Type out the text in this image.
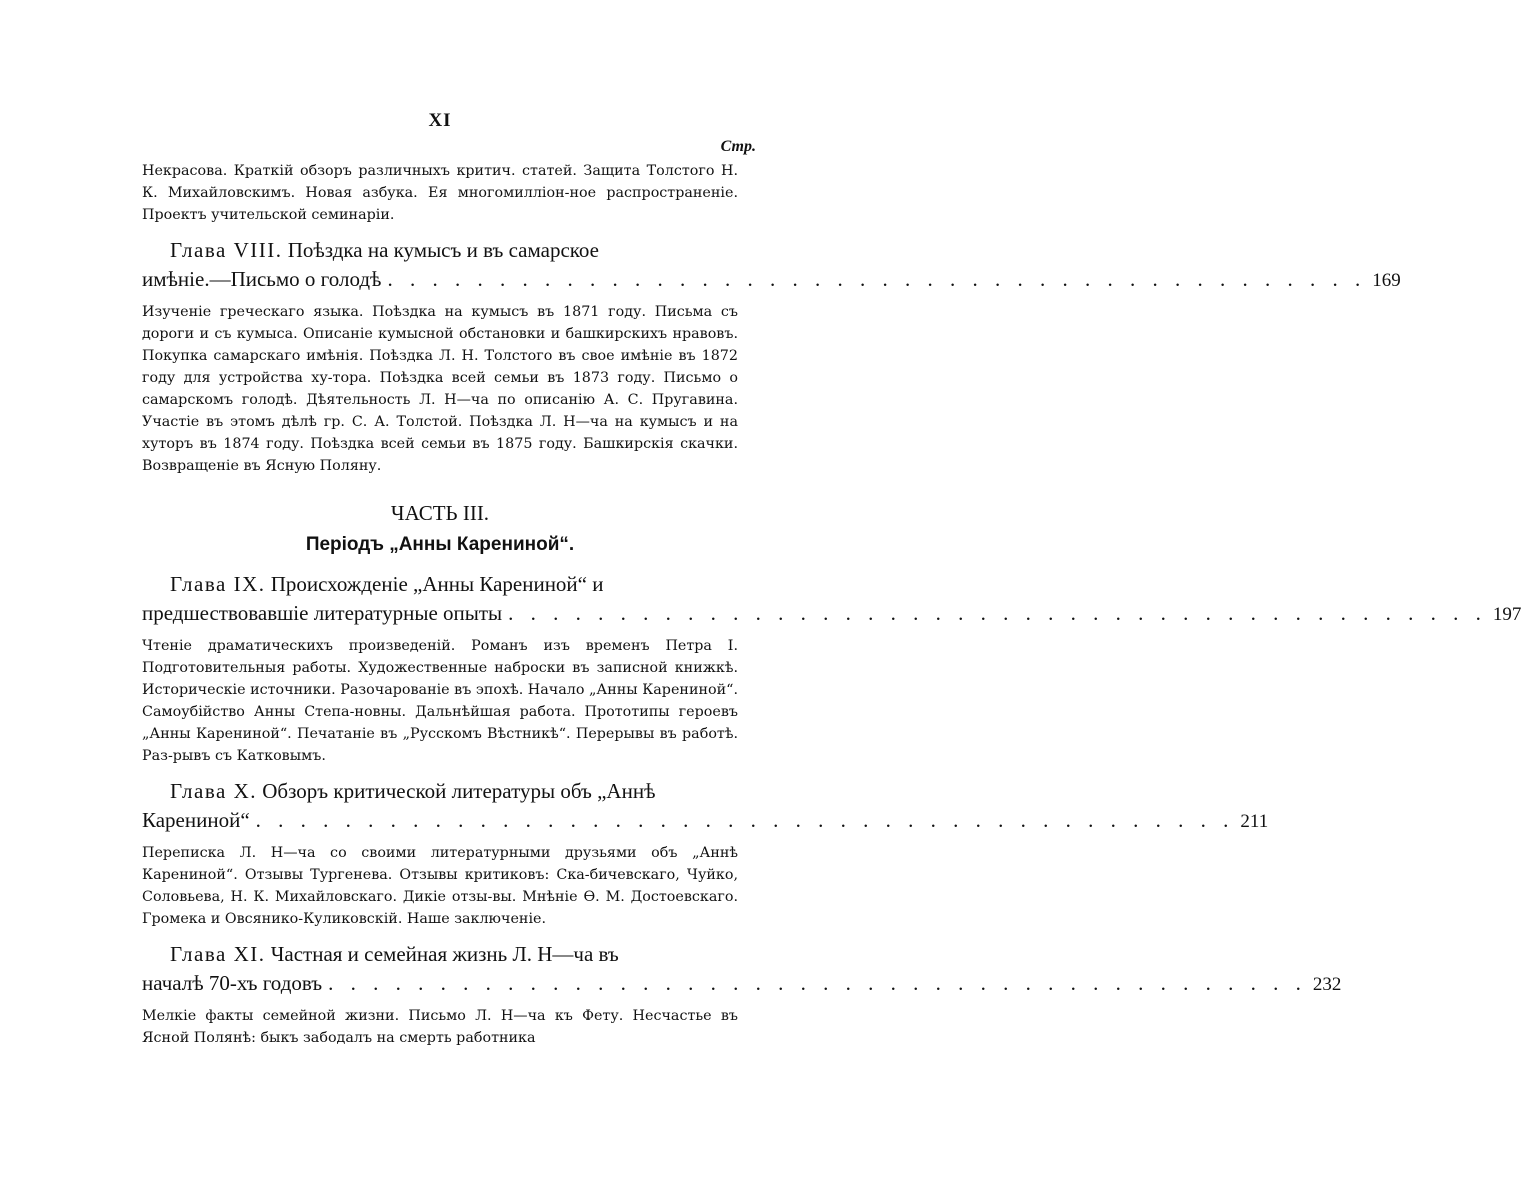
XI
Стр.

Некрасова. Краткій обзоръ различныхъ критич. статей. Защита Толстого Н. К. Михайловскимъ. Новая азбука. Ея многомилліон-ное распространеніе. Проектъ учительской семинаріи.

Глава VIII. Поѣздка на кумысъ и въ самарское
имѣніе.—Письмо о голодѣ . . . . . . . . . . . . . . . . . . . . . . . . . . . . . . . . . . . . . . . . . . . . 169

Изученіе греческаго языка. Поѣздка на кумысъ въ 1871 году. Письма съ дороги и съ кумыса. Описаніе кумысной обстановки и башкирскихъ нравовъ. Покупка самарскаго имѣнія. Поѣздка Л. Н. Толстого въ свое имѣніе въ 1872 году для устройства ху-тора. Поѣздка всей семьи въ 1873 году. Письмо о самарскомъ голодѣ. Дѣятельность Л. Н—ча по описанію А. С. Пругавина. Участіе въ этомъ дѣлѣ гр. С. А. Толстой. Поѣздка Л. Н—ча на кумысъ и на хуторъ въ 1874 году. Поѣздка всей семьи въ 1875 году. Башкирскія скачки. Возвращеніе въ Ясную Поляну.

ЧАСТЬ III.
Періодъ „Анны Карениной“.
Глава IX. Происхожденіе „Анны Карениной“ и
предшествовавшіе литературные опыты . . . . . . . . . . . . . . . . . . . . . . . . . . . . . . . . . . . . . . . . . . . . 197

Чтеніе драматическихъ произведеній. Романъ изъ временъ Петра I. Подготовительныя работы. Художественные наброски въ записной книжкѣ. Историческіе источники. Разочарованіе въ эпохѣ. Начало „Анны Карениной“. Самоубійство Анны Степа-новны. Дальнѣйшая работа. Прототипы героевъ „Анны Карениной“. Печатаніе въ „Русскомъ Вѣстникѣ“. Перерывы въ работѣ. Раз-рывъ съ Катковымъ.

Глава X. Обзоръ критической литературы объ „Аннѣ
Карениной“ . . . . . . . . . . . . . . . . . . . . . . . . . . . . . . . . . . . . . . . . . . . . 211

Переписка Л. Н—ча со своими литературными друзьями объ „Аннѣ Карениной“. Отзывы Тургенева. Отзывы критиковъ: Ска-бичевскаго, Чуйко, Соловьева, Н. К. Михайловскаго. Дикіе отзы-вы. Мнѣніе Ѳ. М. Достоевскаго. Громека и Овсянико-Куликовскій. Наше заключеніе.

Глава XI. Частная и семейная жизнь Л. Н—ча въ
началѣ 70-хъ годовъ . . . . . . . . . . . . . . . . . . . . . . . . . . . . . . . . . . . . . . . . . . . . 232

Мелкіе факты семейной жизни. Письмо Л. Н—ча къ Фету. Несчастье въ Ясной Полянѣ: быкъ забодалъ на смерть работника
